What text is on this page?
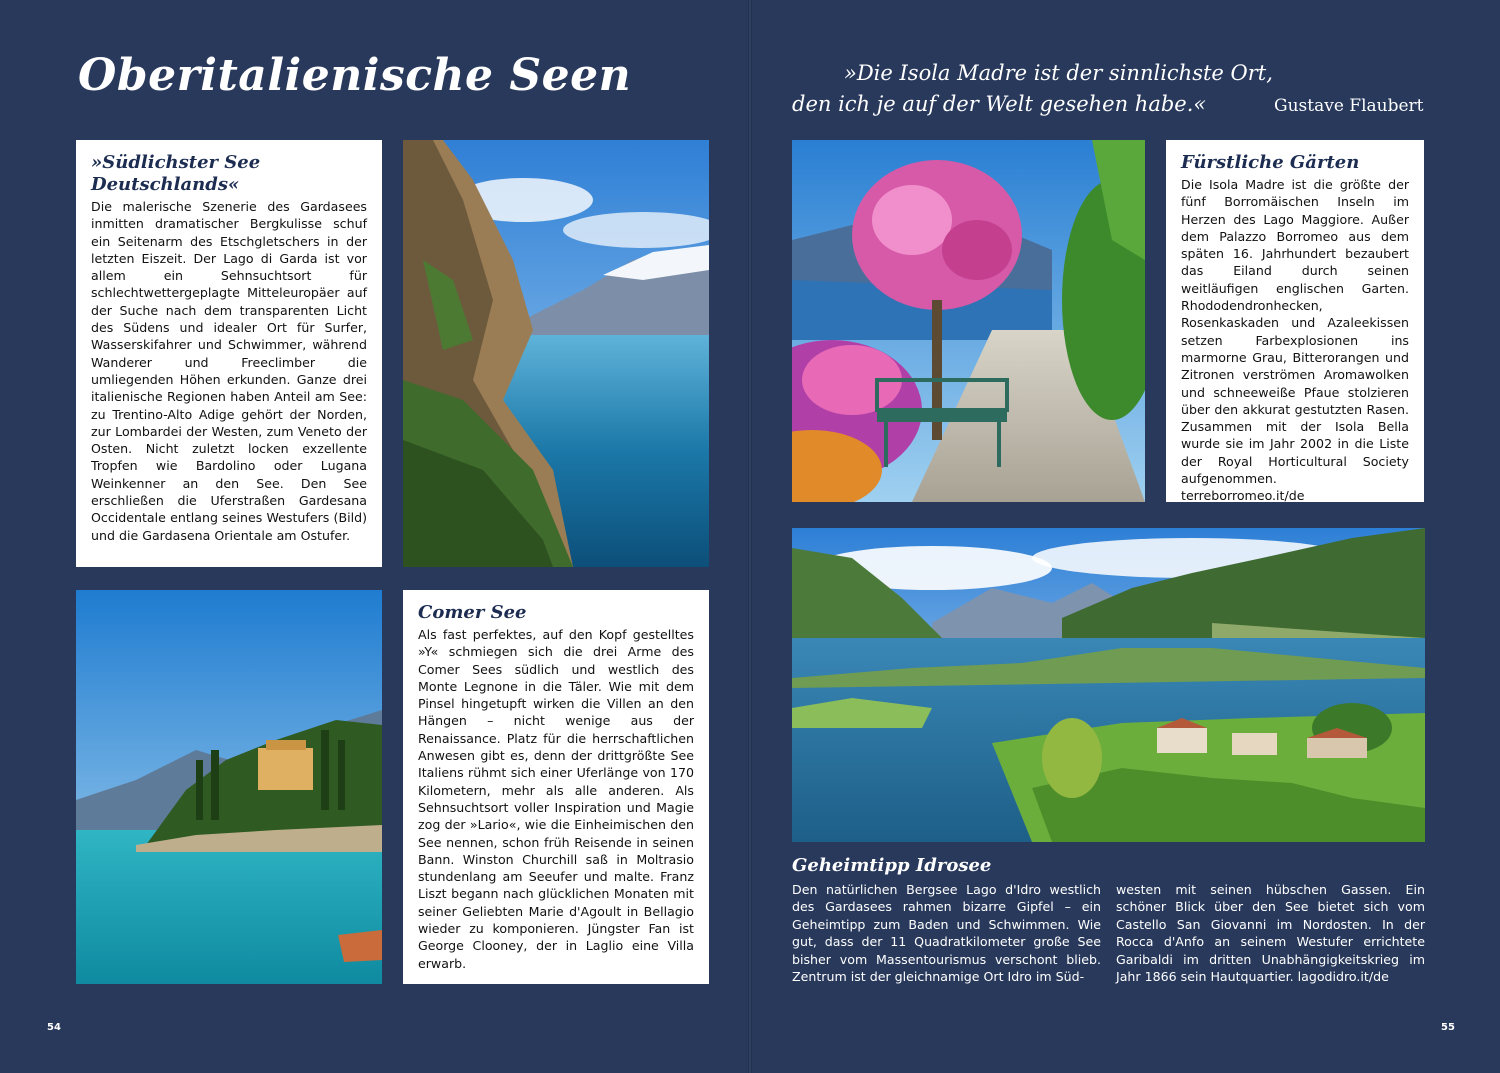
Oberitalienische Seen
»Südlichster See Deutschlands«

Die malerische Szenerie des Gardasees inmitten dramatischer Bergkulisse schuf ein Seitenarm des Etschgletschers in der letzten Eiszeit. Der Lago di Garda ist vor allem ein Sehnsuchtsort für schlechtwettergeplagte Mitteleuropäer auf der Suche nach dem transparenten Licht des Südens und idealer Ort für Surfer, Wasserskifahrer und Schwimmer, während Wanderer und Freeclimber die umliegenden Höhen erkunden. Ganze drei italienische Regionen haben Anteil am See: zu Trentino-Alto Adige gehört der Norden, zur Lombardei der Westen, zum Veneto der Osten. Nicht zuletzt locken exzellente Tropfen wie Bardolino oder Lugana Weinkenner an den See. Den See erschließen die Uferstraßen Gardesana Occidentale entlang seines Westufers (Bild) und die Gardasena Orientale am Ostufer.

Comer See

Als fast perfektes, auf den Kopf gestelltes »Y« schmiegen sich die drei Arme des Comer Sees südlich und westlich des Monte Legnone in die Täler. Wie mit dem Pinsel hingetupft wirken die Villen an den Hängen – nicht wenige aus der Renaissance. Platz für die herrschaftlichen Anwesen gibt es, denn der drittgrößte See Italiens rühmt sich einer Uferlänge von 170 Kilometern, mehr als alle anderen. Als Sehnsuchtsort voller Inspiration und Magie zog der »Lario«, wie die Einheimischen den See nennen, schon früh Reisende in seinen Bann. Winston Churchill saß in Moltrasio stundenlang am Seeufer und malte. Franz Liszt begann nach glücklichen Monaten mit seiner Geliebten Marie d'Agoult in Bellagio wieder zu komponieren. Jüngster Fan ist George Clooney, der in Laglio eine Villa erwarb.

54
»Die Isola Madre ist der sinnlichste Ort,
den ich je auf der Welt gesehen habe.«	Gustave Flaubert
Fürstliche Gärten

Die Isola Madre ist die größte der fünf Borromäischen Inseln im Herzen des Lago Maggiore. Außer dem Palazzo Borromeo aus dem späten 16. Jahrhundert bezaubert das Eiland durch seinen weitläufigen englischen Garten. Rhododendronhecken, Rosenkaskaden und Azaleekissen setzen Farbexplosionen ins marmorne Grau, Bitterorangen und Zitronen verströmen Aromawolken und schneeweiße Pfaue stolzieren über den akkurat gestutzten Rasen. Zusammen mit der Isola Bella wurde sie im Jahr 2002 in die Liste der Royal Horticultural Society aufgenommen.

terreborromeo.it/de

Geheimtipp Idrosee

Den natürlichen Bergsee Lago d'Idro westlich des Gardasees rahmen bizarre Gipfel – ein Geheimtipp zum Baden und Schwimmen. Wie gut, dass der 11 Quadratkilometer große See bisher vom Massentourismus verschont blieb. Zentrum ist der gleichnamige Ort Idro im Süd-

westen mit seinen hübschen Gassen. Ein schöner Blick über den See bietet sich vom Castello San Giovanni im Nordosten. In der Rocca d'Anfo an seinem Westufer errichtete Garibaldi im dritten Unabhängigkeitskrieg im Jahr 1866 sein Hautquartier. lagodidro.it/de

55
